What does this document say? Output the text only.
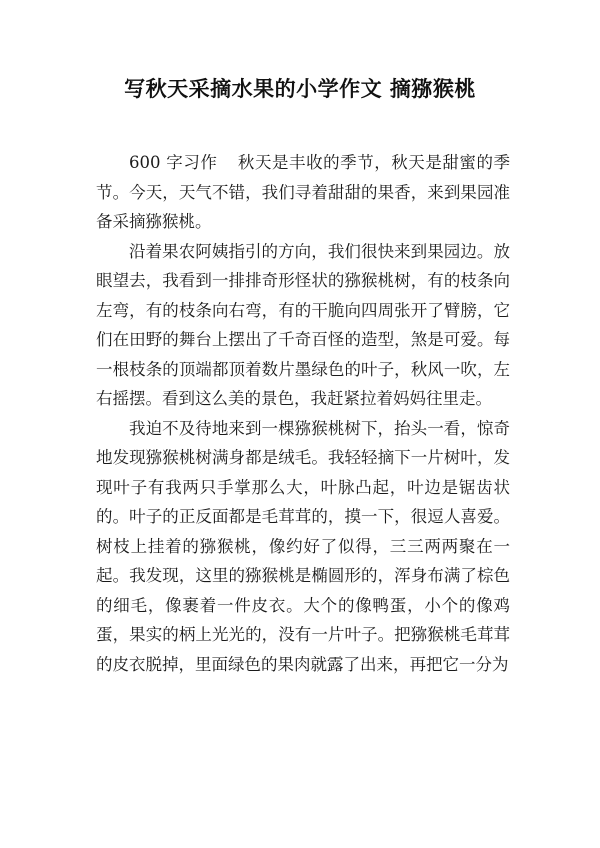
写秋天采摘水果的小学作文 摘猕猴桃

600 字习作 秋天是丰收的季节，秋天是甜蜜的季节。今天，天气不错，我们寻着甜甜的果香，来到果园准备采摘猕猴桃。

沿着果农阿姨指引的方向，我们很快来到果园边。放眼望去，我看到一排排奇形怪状的猕猴桃树，有的枝条向左弯，有的枝条向右弯，有的干脆向四周张开了臂膀，它们在田野的舞台上摆出了千奇百怪的造型，煞是可爱。每一根枝条的顶端都顶着数片墨绿色的叶子，秋风一吹，左右摇摆。看到这么美的景色，我赶紧拉着妈妈往里走。

我迫不及待地来到一棵猕猴桃树下，抬头一看，惊奇地发现猕猴桃树满身都是绒毛。我轻轻摘下一片树叶，发现叶子有我两只手掌那么大，叶脉凸起，叶边是锯齿状的。叶子的正反面都是毛茸茸的，摸一下，很逗人喜爱。树枝上挂着的猕猴桃，像约好了似得，三三两两聚在一起。我发现，这里的猕猴桃是椭圆形的，浑身布满了棕色的细毛，像裹着一件皮衣。大个的像鸭蛋，小个的像鸡蛋，果实的柄上光光的，没有一片叶子。把猕猴桃毛茸茸的皮衣脱掉，里面绿色的果肉就露了出来，再把它一分为
